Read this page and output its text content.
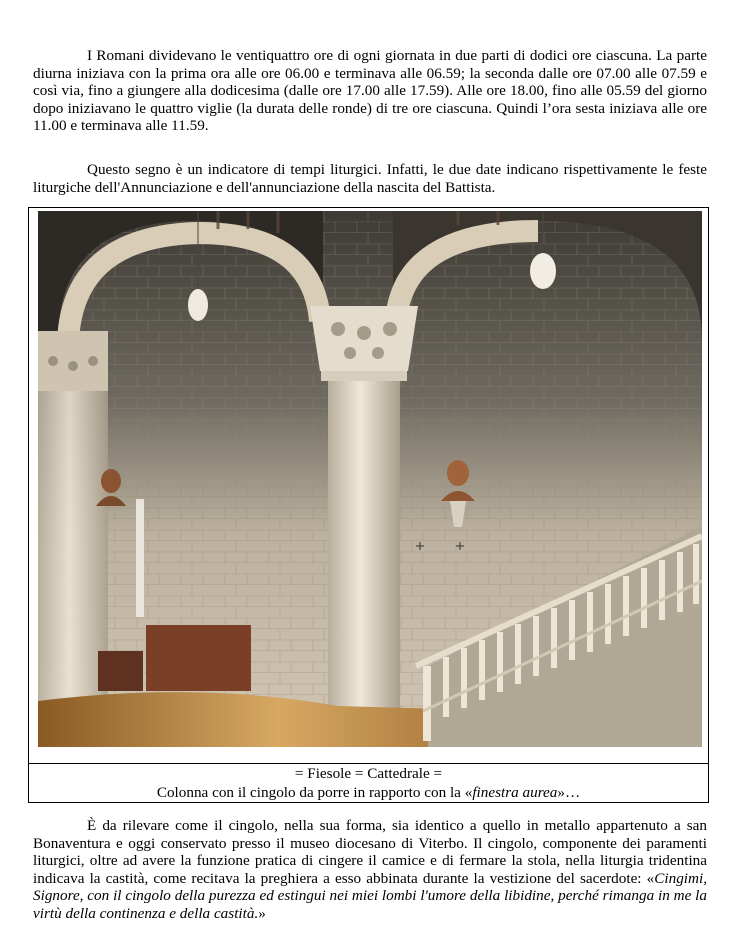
I Romani dividevano le ventiquattro ore di ogni giornata in due parti di dodici ore ciascuna. La parte diurna iniziava con la prima ora alle ore 06.00 e terminava alle 06.59; la seconda dalle ore 07.00 alle 07.59 e così via, fino a giungere alla dodicesima (dalle ore 17.00 alle 17.59). Alle ore 18.00, fino alle 05.59 del giorno dopo iniziavano le quattro viglie (la durata delle ronde) di tre ore ciascuna. Quindi l’ora sesta iniziava alle ore 11.00 e terminava alle 11.59.

Questo segno è un indicatore di tempi liturgici. Infatti, le due date indicano rispettivamente le feste liturgiche dell'Annunciazione e dell'annunciazione della nascita del Battista.

= Fiesole = Cattedrale =
Colonna con il cingolo da porre in rapporto con la «finestra aurea»…

È da rilevare come il cingolo, nella sua forma, sia identico a quello in metallo appartenuto a san Bonaventura e oggi conservato presso il museo diocesano di Viterbo. Il cingolo, componente dei paramenti liturgici, oltre ad avere la funzione pratica di cingere il camice e di fermare la stola, nella liturgia tridentina indicava la castità, come recitava la preghiera a esso abbinata durante la vestizione del sacerdote: «Cingimi, Signore, con il cingolo della purezza ed estingui nei miei lombi l'umore della libidine, perché rimanga in me la virtù della continenza e della castità.»
